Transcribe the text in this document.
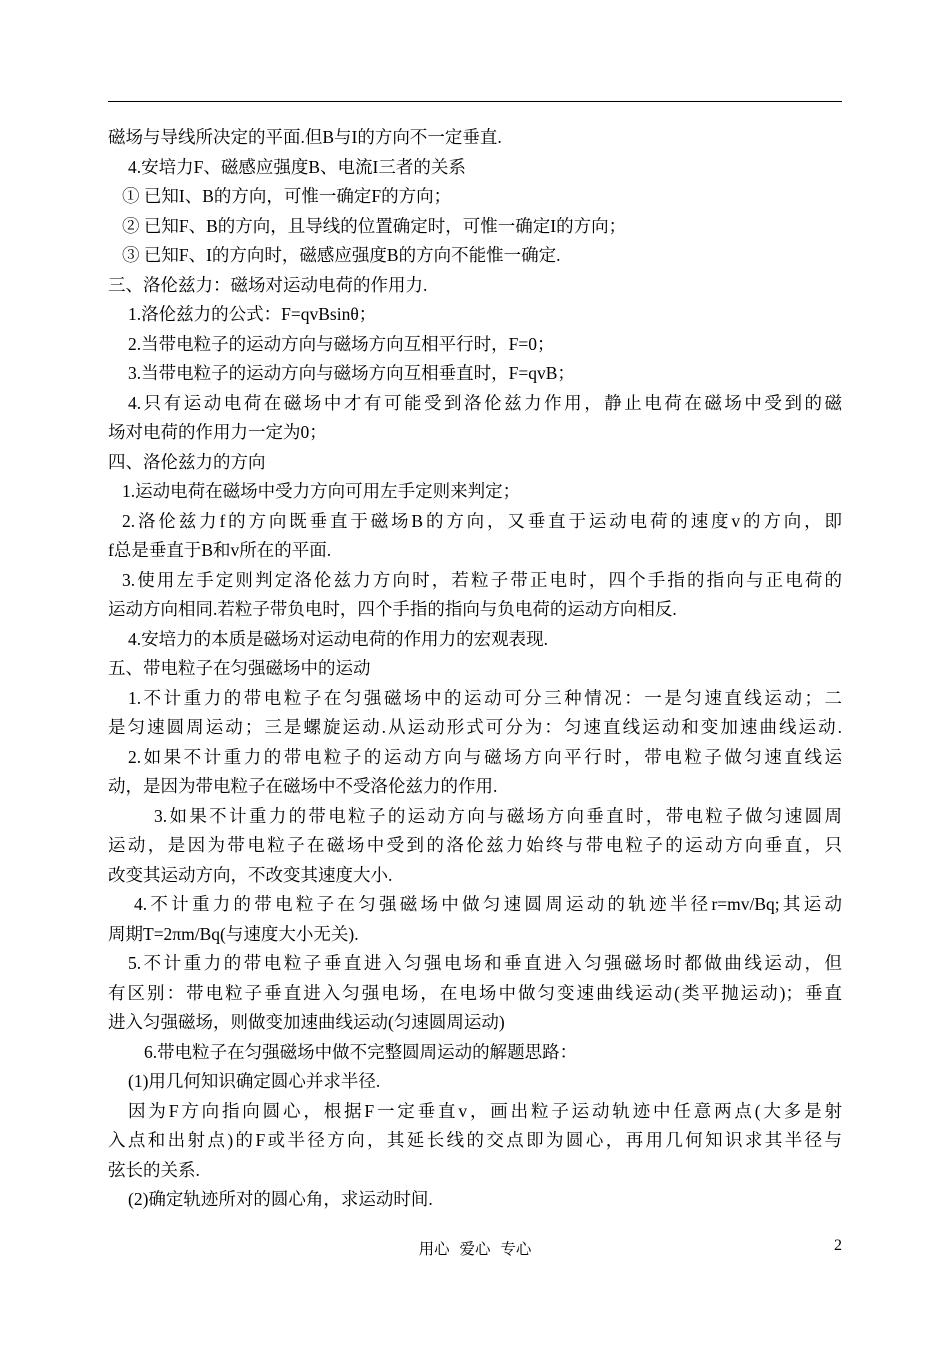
磁场与导线所决定的平面.但B与I的方向不一定垂直.
4.安培力F、磁感应强度B、电流I三者的关系
① 已知I、B的方向，可惟一确定F的方向；
② 已知F、B的方向，且导线的位置确定时，可惟一确定I的方向；
③ 已知F、I的方向时，磁感应强度B的方向不能惟一确定.
三、洛伦兹力：磁场对运动电荷的作用力.
1.洛伦兹力的公式：F=qvBsinθ；
2.当带电粒子的运动方向与磁场方向互相平行时，F=0；
3.当带电粒子的运动方向与磁场方向互相垂直时，F=qvB；
4.只有运动电荷在磁场中才有可能受到洛伦兹力作用，静止电荷在磁场中受到的磁
场对电荷的作用力一定为0；
四、洛伦兹力的方向
1.运动电荷在磁场中受力方向可用左手定则来判定；
2.洛伦兹力f的方向既垂直于磁场B的方向，又垂直于运动电荷的速度v的方向，即
f总是垂直于B和v所在的平面.
3.使用左手定则判定洛伦兹力方向时，若粒子带正电时，四个手指的指向与正电荷的
运动方向相同.若粒子带负电时，四个手指的指向与负电荷的运动方向相反.
4.安培力的本质是磁场对运动电荷的作用力的宏观表现.
五、带电粒子在匀强磁场中的运动
1.不计重力的带电粒子在匀强磁场中的运动可分三种情况：一是匀速直线运动；二
是匀速圆周运动；三是螺旋运动.从运动形式可分为：匀速直线运动和变加速曲线运动.
2.如果不计重力的带电粒子的运动方向与磁场方向平行时，带电粒子做匀速直线运
动，是因为带电粒子在磁场中不受洛伦兹力的作用.
3.如果不计重力的带电粒子的运动方向与磁场方向垂直时，带电粒子做匀速圆周
运动，是因为带电粒子在磁场中受到的洛伦兹力始终与带电粒子的运动方向垂直，只
改变其运动方向，不改变其速度大小.
4.不计重力的带电粒子在匀强磁场中做匀速圆周运动的轨迹半径r=mv/Bq;其运动
周期T=2πm/Bq(与速度大小无关).
5.不计重力的带电粒子垂直进入匀强电场和垂直进入匀强磁场时都做曲线运动，但
有区别：带电粒子垂直进入匀强电场，在电场中做匀变速曲线运动(类平抛运动)；垂直
进入匀强磁场，则做变加速曲线运动(匀速圆周运动)
6.带电粒子在匀强磁场中做不完整圆周运动的解题思路：
(1)用几何知识确定圆心并求半径.
因为F方向指向圆心，根据F一定垂直v，画出粒子运动轨迹中任意两点(大多是射
入点和出射点)的F或半径方向，其延长线的交点即为圆心，再用几何知识求其半径与
弦长的关系.
(2)确定轨迹所对的圆心角，求运动时间.
用心 爱心 专心	2
